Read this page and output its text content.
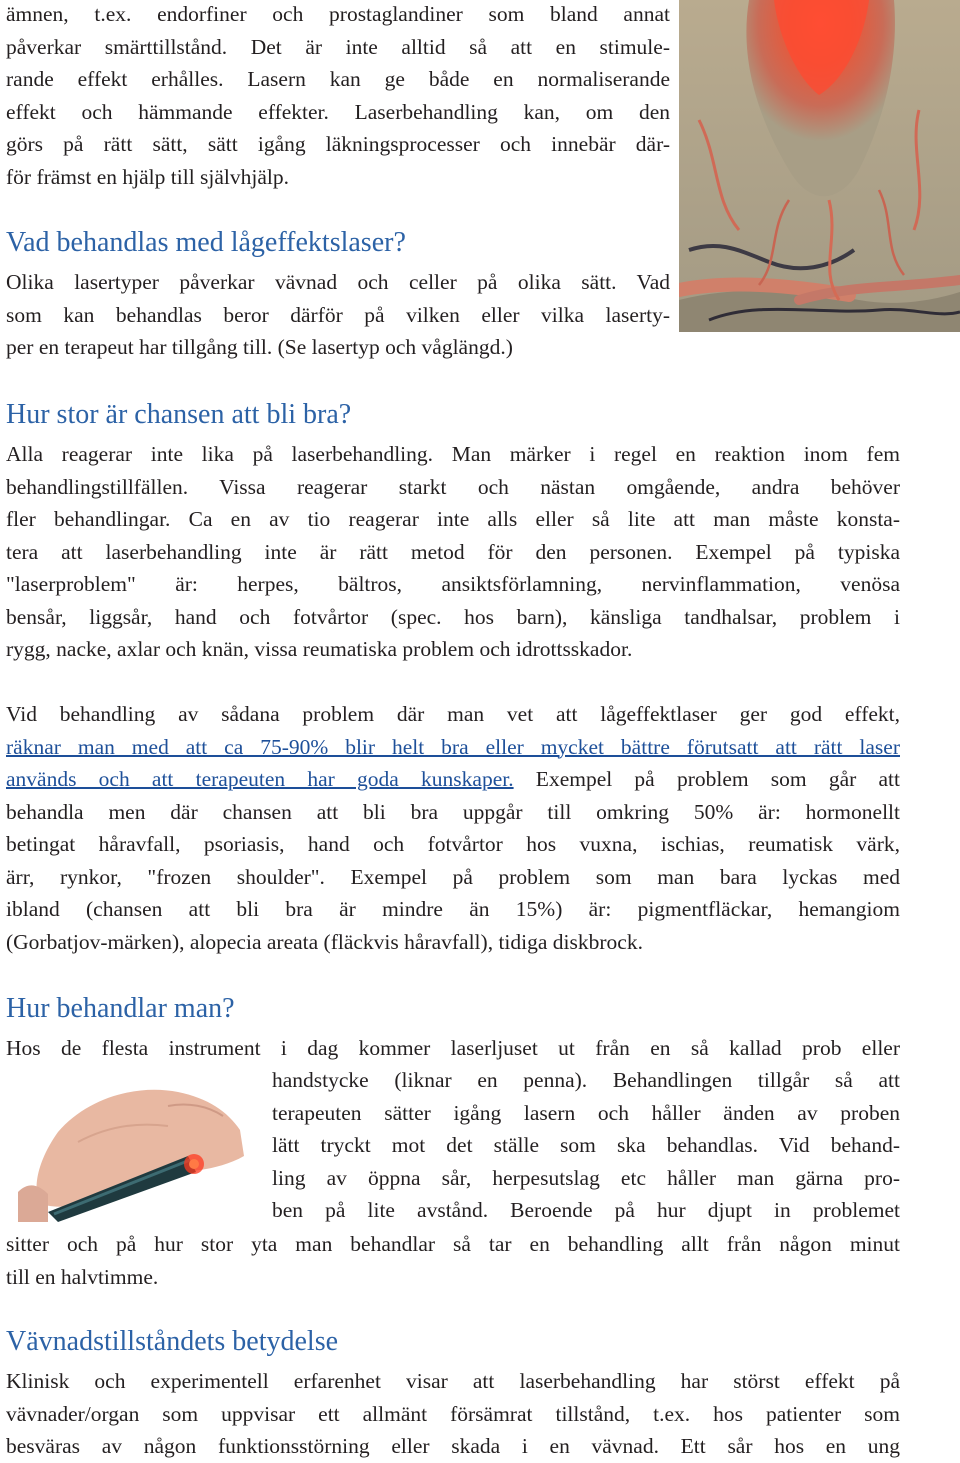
ämnen, t.ex. endorfiner och prostaglandiner som bland annat
påverkar smärttillstånd. Det är inte alltid så att en stimule-
rande effekt erhålles. Lasern kan ge både en normaliserande
effekt och hämmande effekter. Laserbehandling kan, om den
görs på rätt sätt, sätt igång läkningsprocesser och innebär där-
för främst en hjälp till självhjälp.
Vad behandlas med lågeffektslaser?
Olika lasertyper påverkar vävnad och celler på olika sätt. Vad
som kan behandlas beror därför på vilken eller vilka laserty-
per en terapeut har tillgång till. (Se lasertyp och våglängd.)
Hur stor är chansen att bli bra?
Alla reagerar inte lika på laserbehandling. Man märker i regel en reaktion inom fem
behandlingstillfällen. Vissa reagerar starkt och nästan omgående, andra behöver
fler behandlingar. Ca en av tio reagerar inte alls eller så lite att man måste konsta-
tera att laserbehandling inte är rätt metod för den personen. Exempel på typiska
"laserproblem" är: herpes, bältros, ansiktsförlamning, nervinflammation, venösa
bensår, liggsår, hand och fotvårtor (spec. hos barn), känsliga tandhalsar, problem i
rygg, nacke, axlar och knän, vissa reumatiska problem och idrottsskador.
Vid behandling av sådana problem där man vet att lågeffektlaser ger god effekt,
räknar man med att ca 75-90% blir helt bra eller mycket bättre förutsatt att rätt laser
används och att terapeuten har goda kunskaper. Exempel på problem som går att
behandla men där chansen att bli bra uppgår till omkring 50% är: hormonellt
betingat håravfall, psoriasis, hand och fotvårtor hos vuxna, ischias, reumatisk värk,
ärr, rynkor, "frozen shoulder". Exempel på problem som man bara lyckas med
ibland (chansen att bli bra är mindre än 15%) är: pigmentfläckar, hemangiom
(Gorbatjov-märken), alopecia areata (fläckvis håravfall), tidiga diskbrock.
Hur behandlar man?
Hos de flesta instrument i dag kommer laserljuset ut från en så kallad prob eller
handstycke (liknar en penna). Behandlingen tillgår så att
terapeuten sätter igång lasern och håller änden av proben
lätt tryckt mot det ställe som ska behandlas. Vid behand-
ling av öppna sår, herpesutslag etc håller man gärna pro-
ben på lite avstånd. Beroende på hur djupt in problemet
sitter och på hur stor yta man behandlar så tar en behandling allt från någon minut
till en halvtimme.
Vävnadstillståndets betydelse
Klinisk och experimentell erfarenhet visar att laserbehandling har störst effekt på
vävnader/organ som uppvisar ett allmänt försämrat tillstånd, t.ex. hos patienter som
besväras av någon funktionsstörning eller skada i en vävnad. Ett sår hos en ung
